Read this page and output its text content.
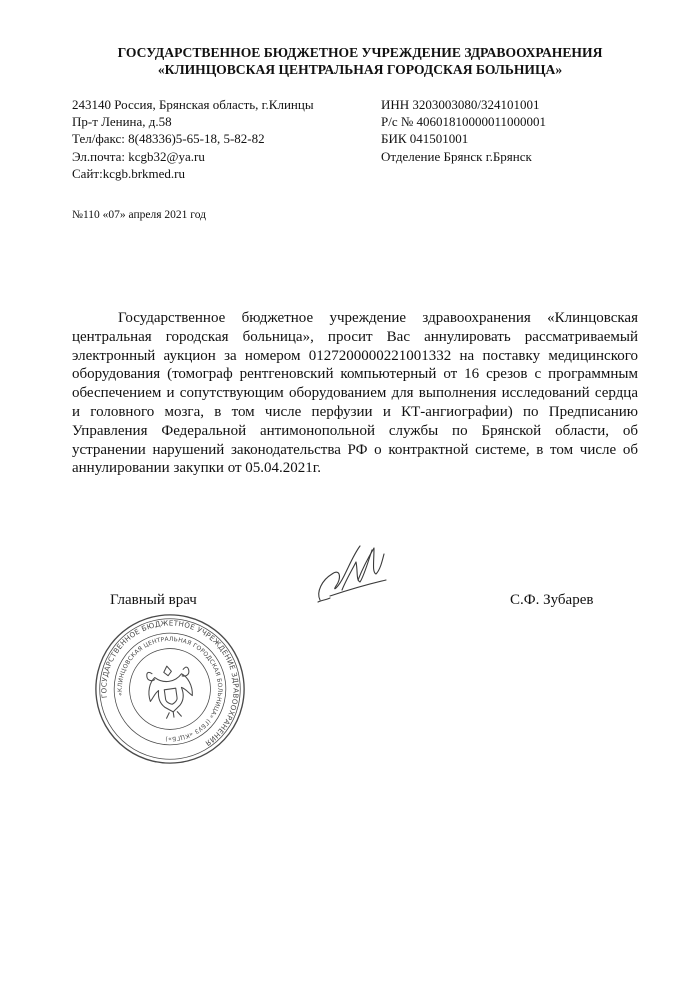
ГОСУДАРСТВЕННОЕ БЮДЖЕТНОЕ УЧРЕЖДЕНИЕ ЗДРАВООХРАНЕНИЯ
«КЛИНЦОВСКАЯ ЦЕНТРАЛЬНАЯ ГОРОДСКАЯ БОЛЬНИЦА»
243140 Россия, Брянская область, г.Клинцы
Пр-т Ленина, д.58
Тел/факс: 8(48336)5-65-18, 5-82-82
Эл.почта: kcgb32@ya.ru
Сайт:kcgb.brkmed.ru
ИНН 3203003080/324101001
Р/с № 40601810000011000001
БИК 041501001
Отделение Брянск г.Брянск
№110 «07» апреля 2021 год
Государственное бюджетное учреждение здравоохранения «Клинцовская центральная городская больница», просит Вас аннулировать рассматриваемый электронный аукцион за номером 0127200000221001332 на поставку медицинского оборудования (томограф рентгеновский компьютерный от 16 срезов с программным обеспечением и сопутствующим оборудованием для выполнения исследований сердца и головного мозга, в том числе перфузии и КТ-ангиографии) по Предписанию Управления Федеральной антимонопольной службы по Брянской области, об устранении нарушений законодательства РФ о контрактной системе, в том числе об аннулировании закупки от 05.04.2021г.
Главный врач	С.Ф. Зубарев
ГОСУДАРСТВЕННОЕ БЮДЖЕТНОЕ УЧРЕЖДЕНИЕ ЗДРАВООХРАНЕНИЯ
«КЛИНЦОВСКАЯ ЦЕНТРАЛЬНАЯ ГОРОДСКАЯ БОЛЬНИЦА» (ГБУЗ «КЦГБ»)
